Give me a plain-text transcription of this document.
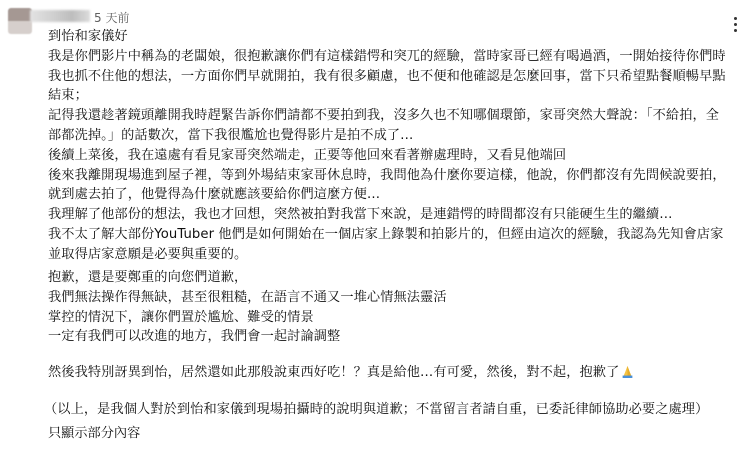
5 天前
到怡和家儀好
我是你們影片中稱為的老闆娘，很抱歉讓你們有這樣錯愕和突兀的經驗，當時家哥已經有喝過酒，一開始接待你們時
我也抓不住他的想法，一方面你們早就開拍，我有很多顧慮，也不便和他確認是怎麼回事，當下只希望點餐順暢早點
結束；
記得我還趁著鏡頭離開我時趕緊告訴你們請都不要拍到我，沒多久也不知哪個環節，家哥突然大聲說：「不給拍，全
部都洗掉。」的話數次，當下我很尷尬也覺得影片是拍不成了…
後續上菜後，我在遠處有看見家哥突然端走，正要等他回來看著辦處理時，又看見他端回
後來我離開現場進到屋子裡，等到外場結束家哥休息時，我問他為什麼你要這樣，他說，你們都沒有先問候說要拍，
就到處去拍了，他覺得為什麼就應該要給你們這麼方便…
我理解了他部份的想法，我也才回想，突然被拍對我當下來說，是連錯愕的時間都沒有只能硬生生的繼續…
我不太了解大部份YouTuber 他們是如何開始在一個店家上錄製和拍影片的，但經由這次的經驗，我認為先知會店家
並取得店家意願是必要與重要的。
抱歉，還是要鄭重的向您們道歉，
我們無法操作得無缺，甚至很粗糙，在語言不通又一堆心情無法靈活
掌控的情況下，讓你們置於尴尬、難受的情景
一定有我們可以改進的地方，我們會一起討論調整
然後我特別訝異到怡，居然還如此那般說東西好吃！？真是給他…有可愛，然後，對不起，抱歉了
（以上，是我個人對於到怡和家儀到現場拍攝時的說明與道歉；不當留言者請自重，已委託律師協助必要之處理）
只顯示部分內容
